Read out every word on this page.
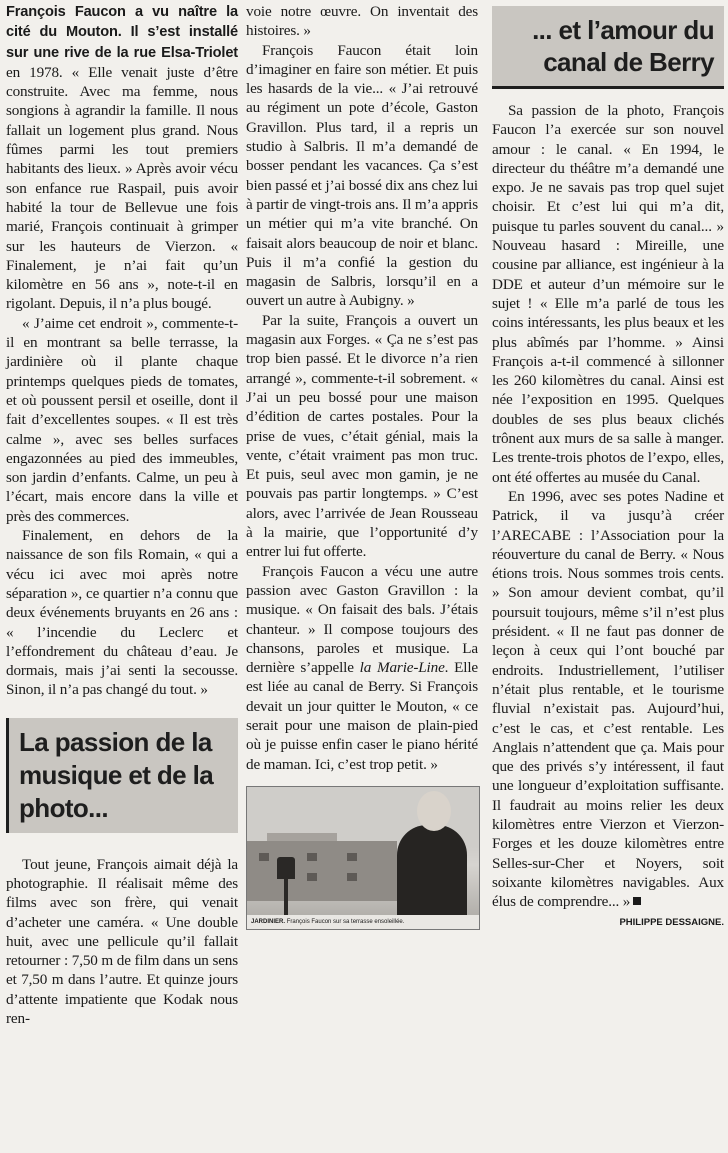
François Faucon a vu naître la cité du Mouton. Il s’est installé sur une rive de la rue Elsa-Triolet en 1978. « Elle venait juste d’être construite. Avec ma femme, nous songions à agrandir la famille. Il nous fallait un logement plus grand. Nous fûmes parmi les tout premiers habitants des lieux. » Après avoir vécu son enfance rue Raspail, puis avoir habité la tour de Bellevue une fois marié, François continuait à grimper sur les hauteurs de Vierzon. « Finalement, je n’ai fait qu’un kilomètre en 56 ans », note-t-il en rigolant. Depuis, il n’a plus bougé.

« J’aime cet endroit », commente-t-il en montrant sa belle terrasse, la jardinière où il plante chaque printemps quelques pieds de tomates, et où poussent persil et oseille, dont il fait d’excellentes soupes. « Il est très calme », avec ses belles surfaces engazonnées au pied des immeubles, son jardin d’enfants. Calme, un peu à l’écart, mais encore dans la ville et près des commerces.

Finalement, en dehors de la naissance de son fils Romain, « qui a vécu ici avec moi après notre séparation », ce quartier n’a connu que deux événements bruyants en 26 ans : « l’incendie du Leclerc et l’effondrement du château d’eau. Je dormais, mais j’ai senti la secousse. Sinon, il n’a pas changé du tout. »

La passion de la musique et de la photo...

Tout jeune, François aimait déjà la photographie. Il réalisait même des films avec son frère, qui venait d’acheter une caméra. « Une double huit, avec une pellicule qu’il fallait retourner : 7,50 m de film dans un sens et 7,50 m dans l’autre. Et quinze jours d’attente impatiente que Kodak nous ren-

voie notre œuvre. On inventait des histoires. »

François Faucon était loin d’imaginer en faire son métier. Et puis les hasards de la vie... « J’ai retrouvé au régiment un pote d’école, Gaston Gravillon. Plus tard, il a repris un studio à Salbris. Il m’a demandé de bosser pendant les vacances. Ça s’est bien passé et j’ai bossé dix ans chez lui à partir de vingt-trois ans. Il m’a appris un métier qui m’a vite branché. On faisait alors beaucoup de noir et blanc. Puis il m’a confié la gestion du magasin de Salbris, lorsqu’il en a ouvert un autre à Aubigny. »

Par la suite, François a ouvert un magasin aux Forges. « Ça ne s’est pas trop bien passé. Et le divorce n’a rien arrangé », commente-t-il sobrement. « J’ai un peu bossé pour une maison d’édition de cartes postales. Pour la prise de vues, c’était génial, mais la vente, c’était vraiment pas mon truc. Et puis, seul avec mon gamin, je ne pouvais pas partir longtemps. » C’est alors, avec l’arrivée de Jean Rousseau à la mairie, que l’opportunité d’y entrer lui fut offerte.

François Faucon a vécu une autre passion avec Gaston Gravillon : la musique. « On faisait des bals. J’étais chanteur. » Il compose toujours des chansons, paroles et musique. La dernière s’appelle la Marie-Line. Elle est liée au canal de Berry. Si François devait un jour quitter le Mouton, « ce serait pour une maison de plain-pied où je puisse enfin caser le piano hérité de maman. Ici, c’est trop petit. »

JARDINIER. François Faucon sur sa terrasse ensoleillée.
... et l’amour du canal de Berry

Sa passion de la photo, François Faucon l’a exercée sur son nouvel amour : le canal. « En 1994, le directeur du théâtre m’a demandé une expo. Je ne savais pas trop quel sujet choisir. Et c’est lui qui m’a dit, puisque tu parles souvent du canal... » Nouveau hasard : Mireille, une cousine par alliance, est ingénieur à la DDE et auteur d’un mémoire sur le sujet ! « Elle m’a parlé de tous les coins intéressants, les plus beaux et les plus abîmés par l’homme. » Ainsi François a-t-il commencé à sillonner les 260 kilomètres du canal. Ainsi est née l’exposition en 1995. Quelques doubles de ses plus beaux clichés trônent aux murs de sa salle à manger. Les trente-trois photos de l’expo, elles, ont été offertes au musée du Canal.

En 1996, avec ses potes Nadine et Patrick, il va jusqu’à créer l’ARECABE : l’Association pour la réouverture du canal de Berry. « Nous étions trois. Nous sommes trois cents. » Son amour devient combat, qu’il poursuit toujours, même s’il n’est plus président. « Il ne faut pas donner de leçon à ceux qui l’ont bouché par endroits. Industriellement, l’utiliser n’était plus rentable, et le tourisme fluvial n’existait pas. Aujourd’hui, c’est le cas, et c’est rentable. Les Anglais n’attendent que ça. Mais pour que des privés s’y intéressent, il faut une longueur d’exploitation suffisante. Il faudrait au moins relier les deux kilomètres entre Vierzon et Vierzon-Forges et les douze kilomètres entre Selles-sur-Cher et Noyers, soit soixante kilomètres navigables. Aux élus de comprendre... »

PHILIPPE DESSAIGNE.
